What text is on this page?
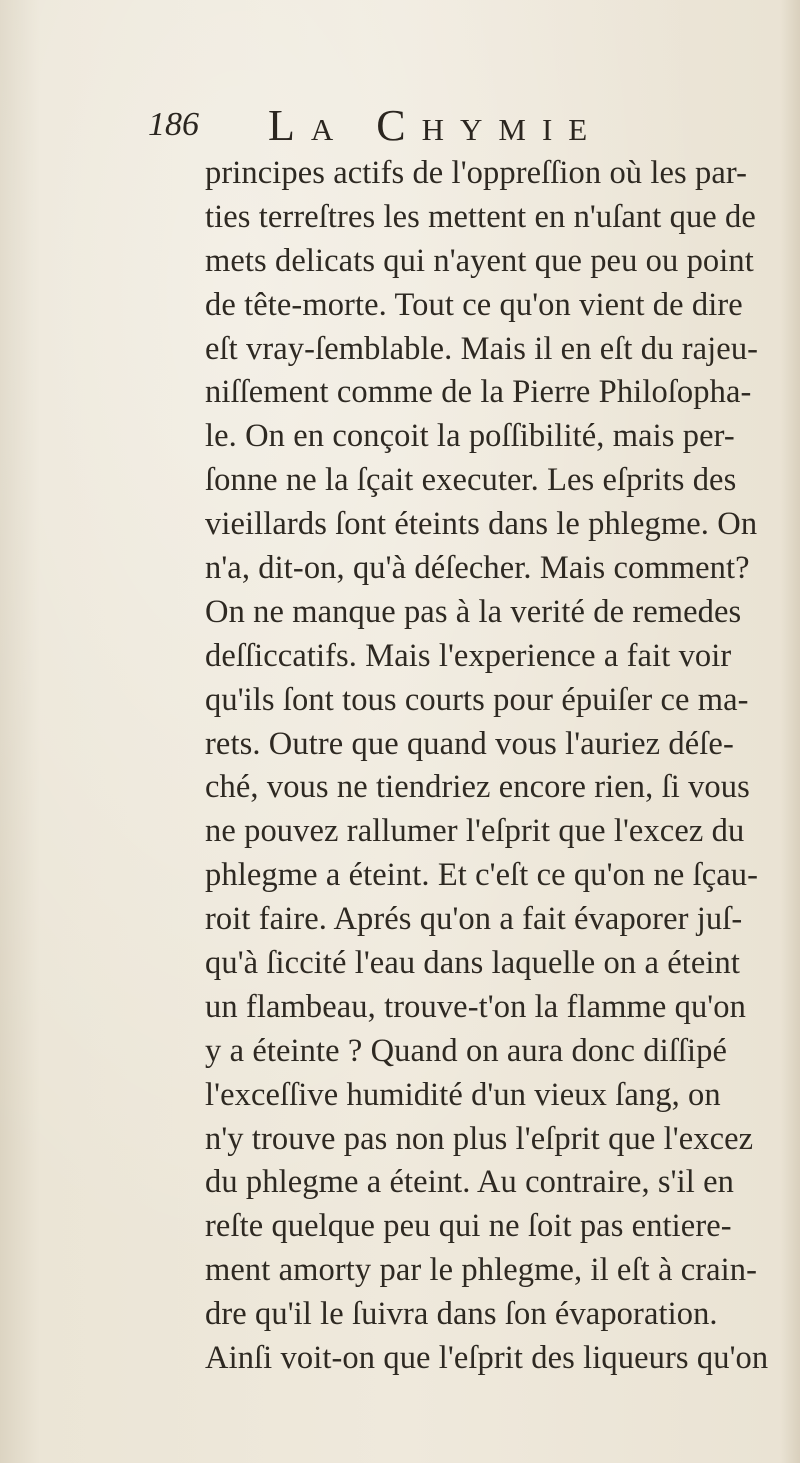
186 La Chymie
principes actifs de l'oppreſſion où les par-
ties terreſtres les mettent en n'uſant que de
mets delicats qui n'ayent que peu ou point
de tête-morte. Tout ce qu'on vient de dire
eſt vray-ſemblable. Mais il en eſt du rajeu-
niſſement comme de la Pierre Philoſopha-
le. On en conçoit la poſſibilité, mais per-
ſonne ne la ſçait executer. Les eſprits des
vieillards ſont éteints dans le phlegme. On
n'a, dit-on, qu'à déſecher. Mais comment?
On ne manque pas à la verité de remedes
deſſiccatifs. Mais l'experience a fait voir
qu'ils ſont tous courts pour épuiſer ce ma-
rets. Outre que quand vous l'auriez déſe-
ché, vous ne tiendriez encore rien, ſi vous
ne pouvez rallumer l'eſprit que l'excez du
phlegme a éteint. Et c'eſt ce qu'on ne ſçau-
roit faire. Aprés qu'on a fait évaporer juſ-
qu'à ſiccité l'eau dans laquelle on a éteint
un flambeau, trouve-t'on la flamme qu'on
y a éteinte ? Quand on aura donc diſſipé
l'exceſſive humidité d'un vieux ſang, on
n'y trouve pas non plus l'eſprit que l'excez
du phlegme a éteint. Au contraire, s'il en
reſte quelque peu qui ne ſoit pas entiere-
ment amorty par le phlegme, il eſt à crain-
dre qu'il le ſuivra dans ſon évaporation.
Ainſi voit-on que l'eſprit des liqueurs qu'on
